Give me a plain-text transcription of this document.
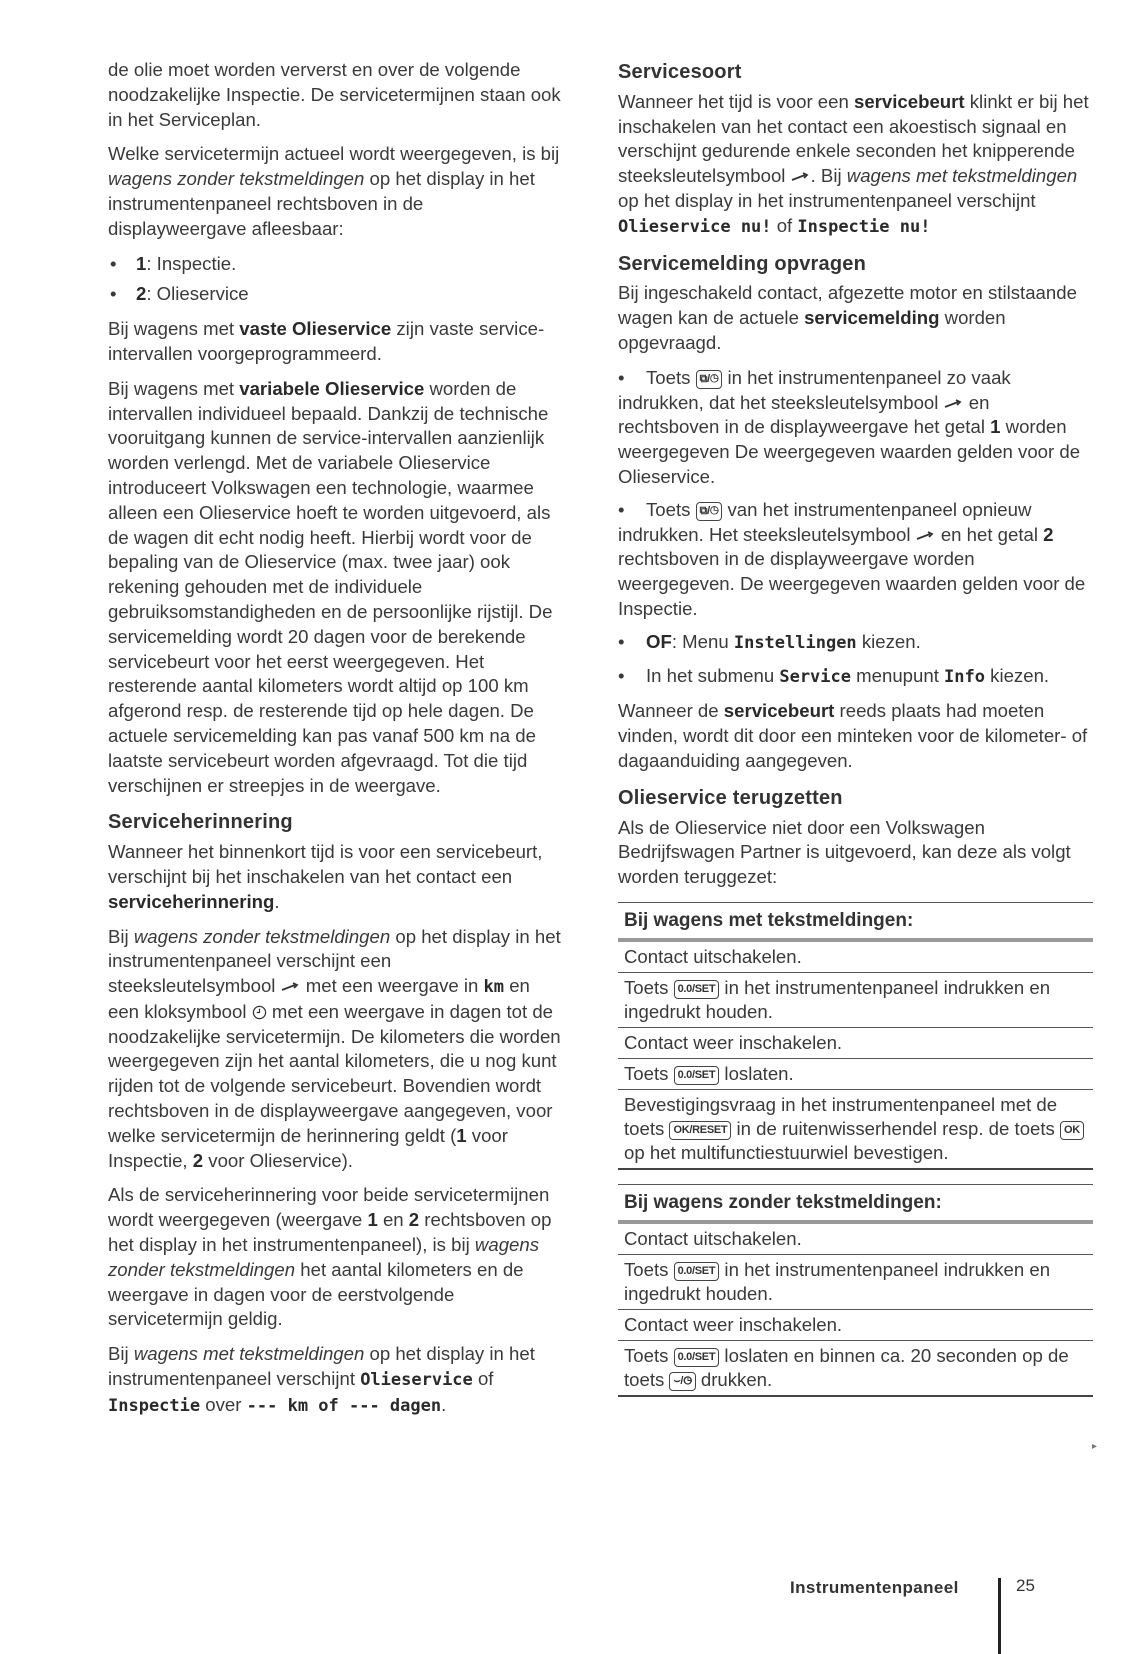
de olie moet worden ververst en over de volgende noodzakelijke Inspectie. De servicetermijnen staan ook in het Serviceplan.

Welke servicetermijn actueel wordt weergegeven, is bij wagens zonder tekstmeldingen op het display in het instrumentenpaneel rechtsboven in de displayweergave afleesbaar:

• 1: Inspectie.
• 2: Olieservice

Bij wagens met vaste Olieservice zijn vaste service-intervallen voorgeprogrammeerd.

Bij wagens met variabele Olieservice worden de intervallen individueel bepaald. Dankzij de technische vooruitgang kunnen de service-intervallen aanzienlijk worden verlengd. Met de variabele Olieservice introduceert Volkswagen een technologie, waarmee alleen een Olieservice hoeft te worden uitgevoerd, als de wagen dit echt nodig heeft. Hierbij wordt voor de bepaling van de Olieservice (max. twee jaar) ook rekening gehouden met de individuele gebruiksomstandigheden en de persoonlijke rijstijl. De servicemelding wordt 20 dagen voor de berekende servicebeurt voor het eerst weergegeven. Het resterende aantal kilometers wordt altijd op 100 km afgerond resp. de resterende tijd op hele dagen. De actuele servicemelding kan pas vanaf 500 km na de laatste servicebeurt worden afgevraagd. Tot die tijd verschijnen er streepjes in de weergave.

Serviceherinnering

Wanneer het binnenkort tijd is voor een servicebeurt, verschijnt bij het inschakelen van het contact een serviceherinnering.

Bij wagens zonder tekstmeldingen op het display in het instrumentenpaneel verschijnt een steeksleutelsymbool  met een weergave in km en een kloksymbool  met een weergave in dagen tot de noodzakelijke servicetermijn. De kilometers die worden weergegeven zijn het aantal kilometers, die u nog kunt rijden tot de volgende servicebeurt. Bovendien wordt rechtsboven in de displayweergave aangegeven, voor welke servicetermijn de herinnering geldt (1 voor Inspectie, 2 voor Olieservice).

Als de serviceherinnering voor beide servicetermijnen wordt weergegeven (weergave 1 en 2 rechtsboven op het display in het instrumentenpaneel), is bij wagens zonder tekstmeldingen het aantal kilometers en de weergave in dagen voor de eerstvolgende servicetermijn geldig.

Bij wagens met tekstmeldingen op het display in het instrumentenpaneel verschijnt Olieservice of Inspectie over --- km of --- dagen.

Servicesoort

Wanneer het tijd is voor een servicebeurt klinkt er bij het inschakelen van het contact een akoestisch signaal en verschijnt gedurende enkele seconden het knipperende steeksleutelsymbool . Bij wagens met tekstmeldingen op het display in het instrumentenpaneel verschijnt Olieservice nu! of Inspectie nu!

Servicemelding opvragen

Bij ingeschakeld contact, afgezette motor en stilstaande wagen kan de actuele servicemelding worden opgevraagd.

• Toets ⧉/◷ in het instrumentenpaneel zo vaak indrukken, dat het steeksleutelsymbool  en rechtsboven in de displayweergave het getal 1 worden weergegeven De weergegeven waarden gelden voor de Olieservice.
• Toets ⧉/◷ van het instrumentenpaneel opnieuw indrukken. Het steeksleutelsymbool  en het getal 2 rechtsboven in de displayweergave worden weergegeven. De weergegeven waarden gelden voor de Inspectie.
• OF: Menu Instellingen kiezen.
• In het submenu Service menupunt Info kiezen.

Wanneer de servicebeurt reeds plaats had moeten vinden, wordt dit door een minteken voor de kilometer- of dagaanduiding aangegeven.

Olieservice terugzetten

Als de Olieservice niet door een Volkswagen Bedrijfswagen Partner is uitgevoerd, kan deze als volgt worden teruggezet:

Bij wagens met tekstmeldingen:
Contact uitschakelen.
Toets 0.0/SET in het instrumentenpaneel indrukken en ingedrukt houden.
Contact weer inschakelen.
Toets 0.0/SET loslaten.
Bevestigingsvraag in het instrumentenpaneel met de toets OK/RESET in de ruitenwisserhendel resp. de toets OK op het multifunctiestuurwiel bevestigen.
Bij wagens zonder tekstmeldingen:
Contact uitschakelen.
Toets 0.0/SET in het instrumentenpaneel indrukken en ingedrukt houden.
Contact weer inschakelen.
Toets 0.0/SET loslaten en binnen ca. 20 seconden op de toets ⌣/◷ drukken.
▸
Instrumentenpaneel	25
